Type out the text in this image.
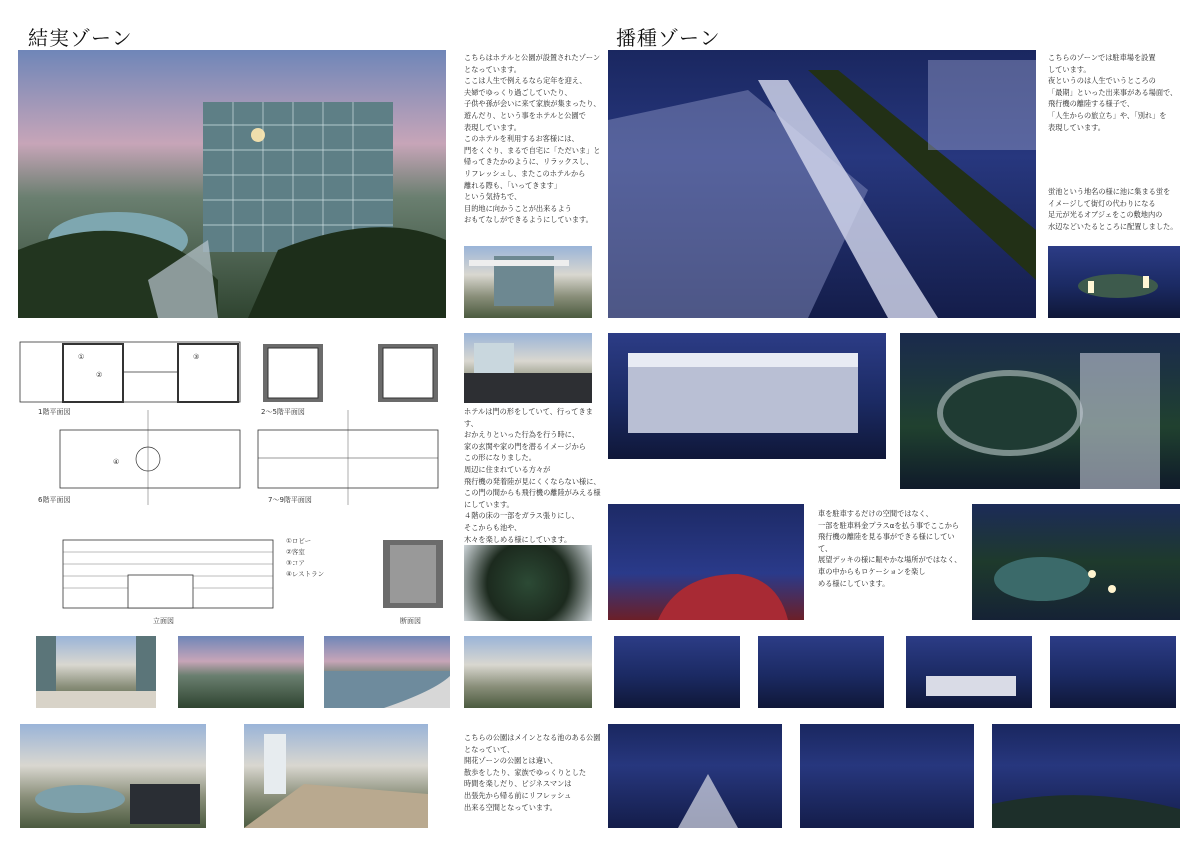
結実ゾーン
こちらはホテルと公園が設置されたゾーン
となっています。
ここは人生で例えるなら定年を迎え、
夫婦でゆっくり過ごしていたり、
子供や孫が会いに来て家族が集まったり、
遊んだり、という事をホテルと公園で
表現しています。
このホテルを利用するお客様には、
門をくぐり、まるで自宅に「ただいま」と
帰ってきたかのように、リラックスし、
リフレッシュし、またこのホテルから
離れる際も、「いってきます」
という気持ちで、
目的地に向かうことが出来るよう
おもてなしができるようにしています。
①
②
③
④
1階平面図	2～5階平面図
6階平面図	7～9階平面図
立面図	断面図
①ロビー
②客室
③コア
④レストラン
ホテルは門の形をしていて、行ってきます、
おかえりといった行為を行う時に、
家の玄関や家の門を潜るイメージから
この形になりました。
周辺に住まれている方々が
飛行機の発着陸が見にくくならない様に、
この門の間からも飛行機の離陸がみえる様
にしています。
４階の床の一部をガラス張りにし、
そこからも池や、
木々を楽しめる様にしています。
こちらの公園はメインとなる池のある公園
となっていて、
開花ゾーンの公園とは違い、
散歩をしたり、家族でゆっくりとした
時間を楽しだり、ビジネスマンは
出張先から帰る前にリフレッシュ
出来る空間となっています。
播種ゾーン
こちらのゾーンでは駐車場を設置
しています。
夜というのは人生でいうところの
「最期」といった出来事がある場面で、
飛行機の離陸する様子で、
「人生からの旅立ち」や、「別れ」を
表現しています。
蛍池という地名の様に池に集まる蛍を
イメージして街灯の代わりになる
足元が光るオブジェをこの敷地内の
水辺などいたるところに配置しました。
車を駐車するだけの空間ではなく、
一部を駐車料金プラスαを払う事でここから
飛行機の離陸を見る事ができる様にしていて、
展望デッキの様に賑やかな場所がではなく、
車の中からもロケーションを楽し
める様にしています。
